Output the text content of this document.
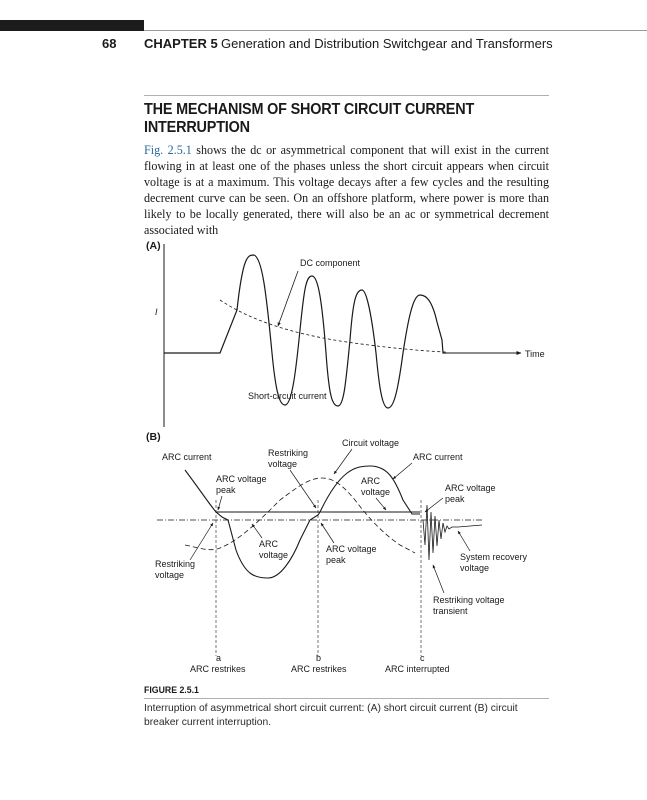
68 CHAPTER 5 Generation and Distribution Switchgear and Transformers
THE MECHANISM OF SHORT CIRCUIT CURRENT INTERRUPTION
Fig. 2.5.1 shows the dc or asymmetrical component that will exist in the current flowing in at least one of the phases unless the short circuit appears when circuit voltage is at a maximum. This voltage decays after a few cycles and the resulting decrement curve can be seen. On an offshore platform, where power is more than likely to be locally generated, there will also be an ac or symmetrical decrement associated with
(A)
I
Time
DC component
Short-circuit current
(B)
ARC current	Restriking
voltage
Circuit voltage
ARC current
ARC voltage
peak
ARC
voltage	ARC voltage
peak
ARC
voltage
ARC voltage
peak
Restriking
voltage
System recovery
voltage
Restriking voltage
transient
a	b	c
ARC restrikes	ARC restrikes	ARC interrupted
FIGURE 2.5.1
Interruption of asymmetrical short circuit current: (A) short circuit current (B) circuit breaker current interruption.
